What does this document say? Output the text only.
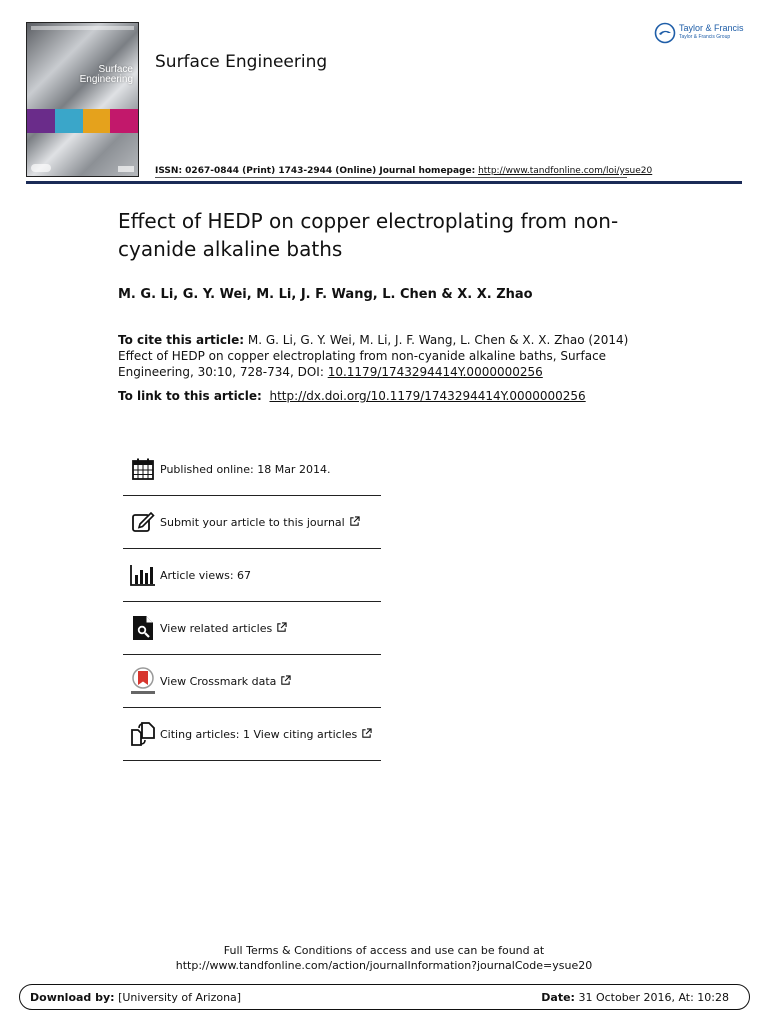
Surface
Engineering
Surface Engineering
Taylor & Francis
Taylor & Francis Group
ISSN: 0267-0844 (Print) 1743-2944 (Online) Journal homepage: http://www.tandfonline.com/loi/ysue20
Effect of HEDP on copper electroplating from non-cyanide alkaline baths
M. G. Li, G. Y. Wei, M. Li, J. F. Wang, L. Chen & X. X. Zhao
To cite this article: M. G. Li, G. Y. Wei, M. Li, J. F. Wang, L. Chen & X. X. Zhao (2014) Effect of HEDP on copper electroplating from non-cyanide alkaline baths, Surface Engineering, 30:10, 728-734, DOI: 10.1179/1743294414Y.0000000256
To link to this article: http://dx.doi.org/10.1179/1743294414Y.0000000256
Published online: 18 Mar 2014.
Submit your article to this journal
Article views: 67
View related articles
View Crossmark data
Citing articles: 1 View citing articles
Full Terms & Conditions of access and use can be found at
http://www.tandfonline.com/action/journalInformation?journalCode=ysue20
Download by: [University of Arizona]	Date: 31 October 2016, At: 10:28
